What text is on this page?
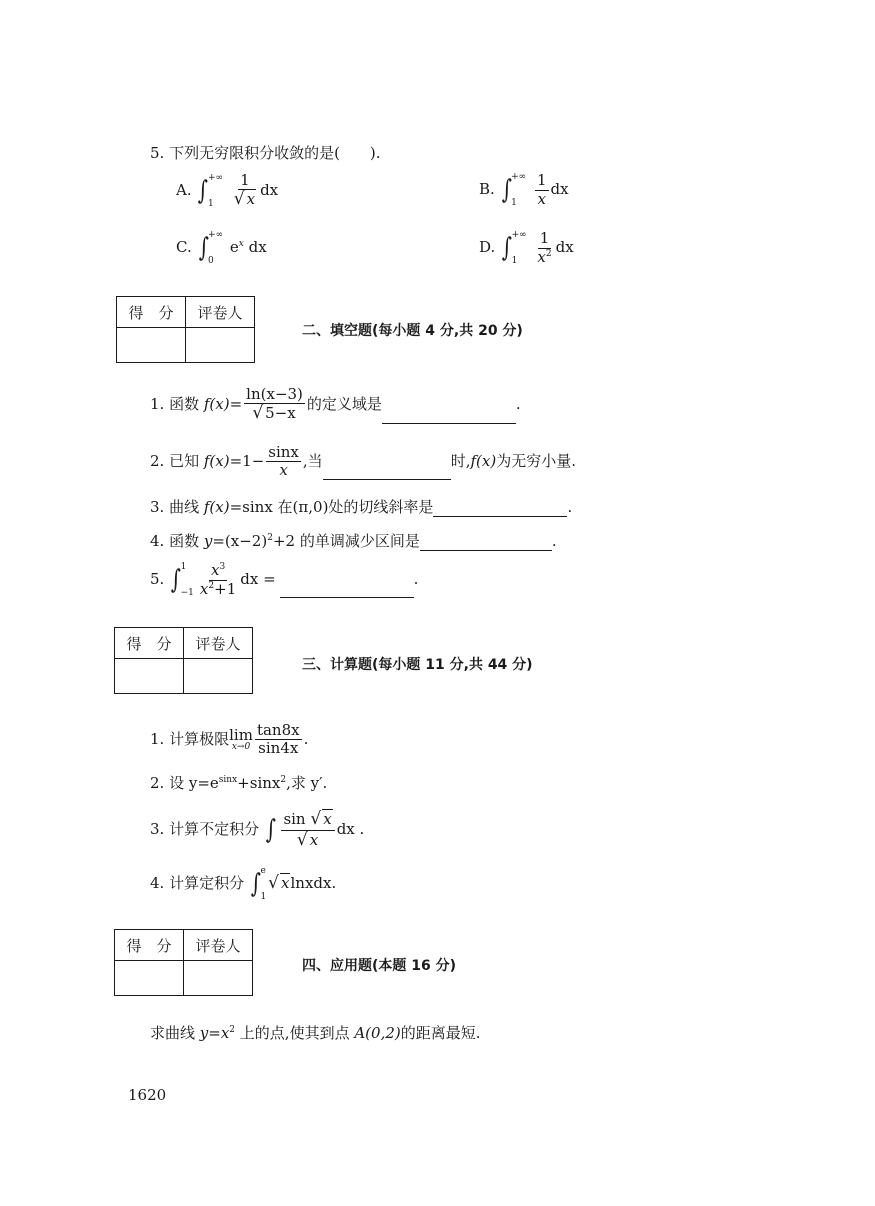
5. 下列无穷限积分收敛的是(　　).
A. ∫ +∞
1
	$\frac{1}{√ x}$ dx	B. ∫ +∞
1
	$\frac{1}{x}$ dx
C. ∫ +∞
0
$e^x$ dx	D. ∫ +∞
1
	$\frac{1}{x^2}$ dx
得　分	评卷人

二、填空题(每小题 4 分,共 20 分)
1. 函数 $f(x)= \frac{\ln(x-3)}{√ 5-x}$ 的定义域是	.
2. 已知 $f(x)=1- \frac{\sin x}{x}$ ,当	时,f(x)为无穷小量.
3. 曲线 f(x)=sinx 在(π,0)处的切线斜率是	.
4. 函数 $y=(x-2)^2+2$ 的单调减少区间是	.
5. ∫ 1
$-1 \frac{x^3}{x^2+1}$ dx =	.
得　分	评卷人

三、计算题(每小题 11 分,共 44 分)
1. 计算极限 lim
$x\to 0 \frac{\tan 8x}{\sin 4x}$ .
2. 设 $y=e^{sinx}+\sin x^2$,求 y′.
3. 计算不定积分 ∫ $\frac{\sin √ x}{√ x}$ dx .
4. 计算定积分 ∫ e
1
√ xlnxdx.
得　分	评卷人

四、应用题(本题 16 分)
求曲线 $y=x^2$ 上的点,使其到点 A(0,2)的距离最短.
1620
